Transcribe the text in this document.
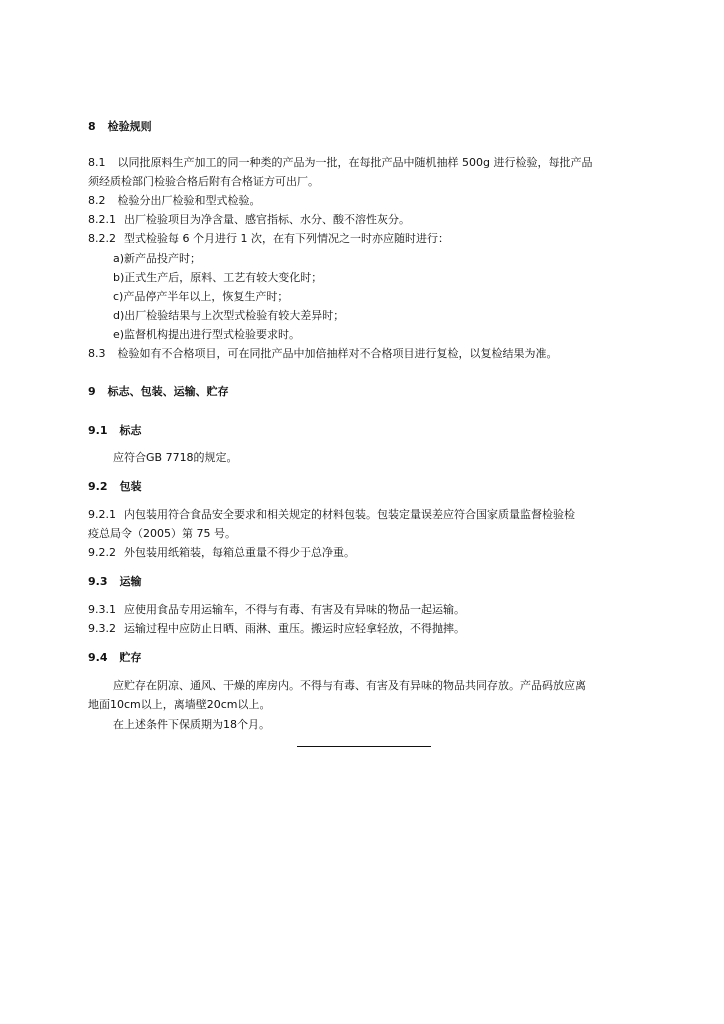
8 检验规则
8.1 以同批原料生产加工的同一种类的产品为一批，在每批产品中随机抽样 500g 进行检验，每批产品
须经质检部门检验合格后附有合格证方可出厂。
8.2 检验分出厂检验和型式检验。
8.2.1 出厂检验项目为净含量、感官指标、水分、酸不溶性灰分。
8.2.2 型式检验每 6 个月进行 1 次，在有下列情况之一时亦应随时进行：
a)新产品投产时；
b)正式生产后，原料、工艺有较大变化时；
c)产品停产半年以上，恢复生产时；
d)出厂检验结果与上次型式检验有较大差异时；
e)监督机构提出进行型式检验要求时。
8.3 检验如有不合格项目，可在同批产品中加倍抽样对不合格项目进行复检，以复检结果为准。
9 标志、包装、运输、贮存
9.1 标志
应符合GB 7718的规定。
9.2 包装
9.2.1 内包装用符合食品安全要求和相关规定的材料包装。包装定量误差应符合国家质量监督检验检
疫总局令（2005）第 75 号。
9.2.2 外包装用纸箱装，每箱总重量不得少于总净重。
9.3 运输
9.3.1 应使用食品专用运输车，不得与有毒、有害及有异味的物品一起运输。
9.3.2 运输过程中应防止日晒、雨淋、重压。搬运时应轻拿轻放，不得抛摔。
9.4 贮存
应贮存在阴凉、通风、干燥的库房内。不得与有毒、有害及有异味的物品共同存放。产品码放应离
地面10cm以上，离墙壁20cm以上。
在上述条件下保质期为18个月。
